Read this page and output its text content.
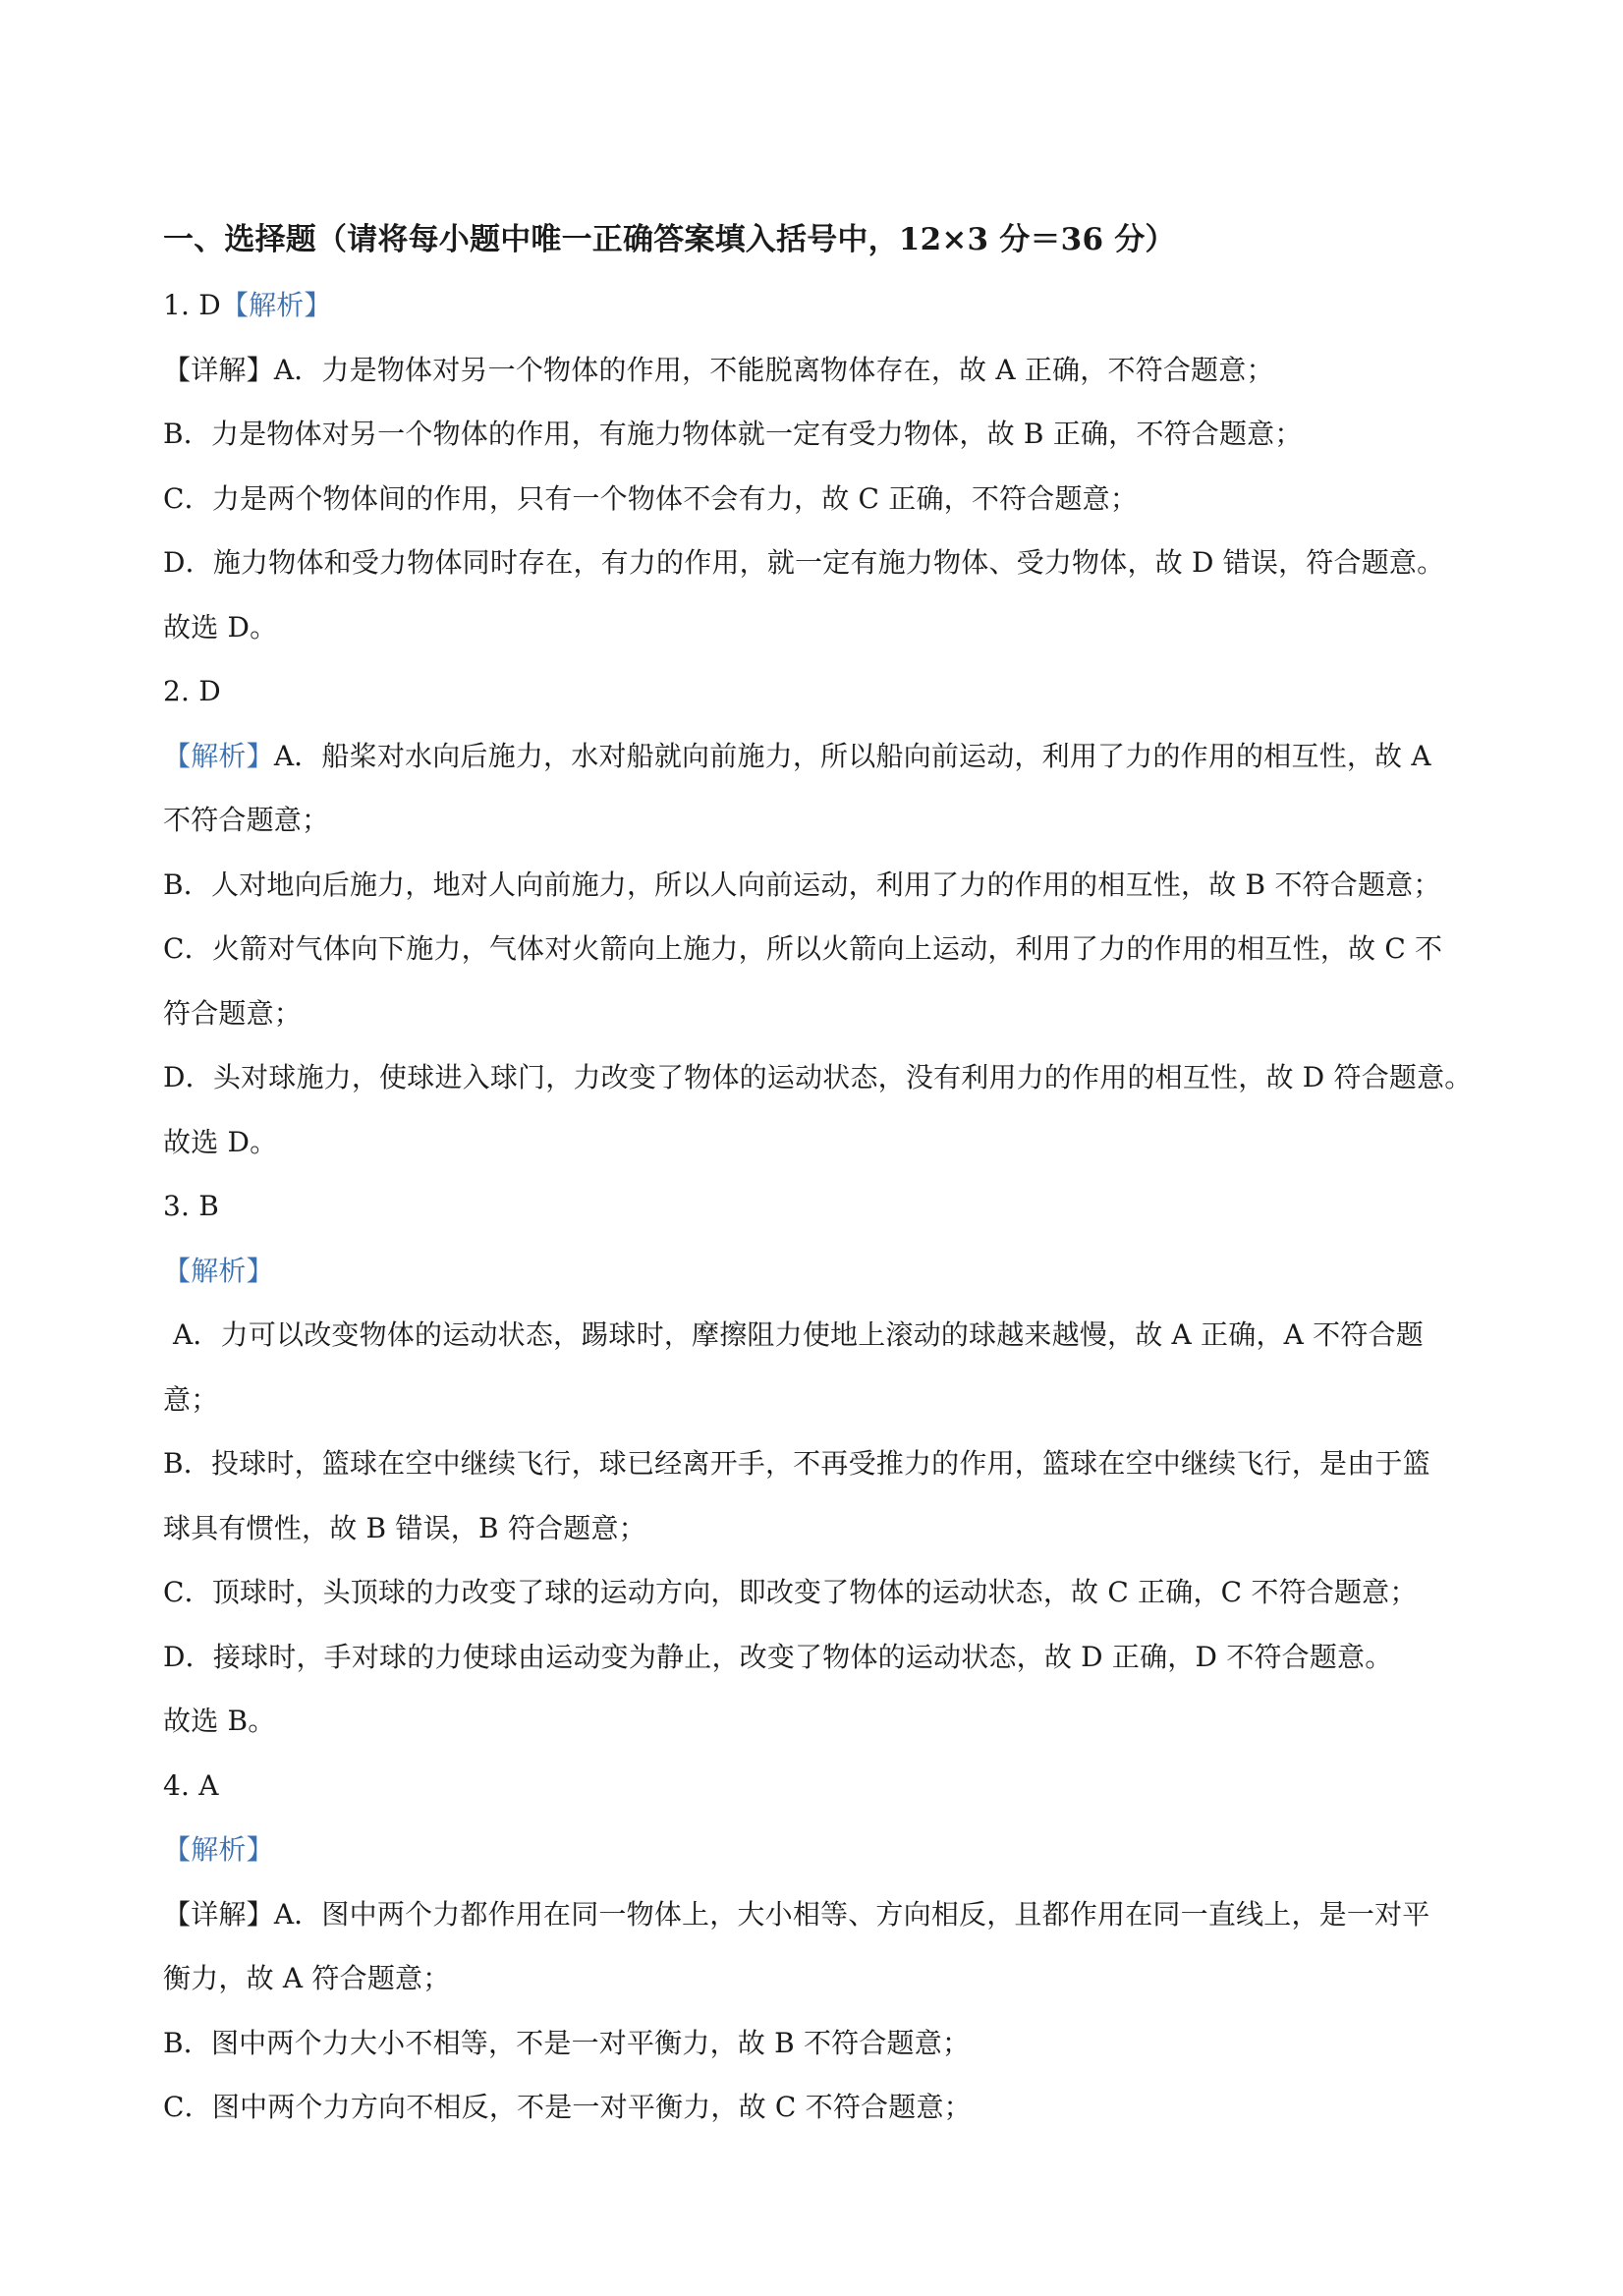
一、选择题（请将每小题中唯一正确答案填入括号中，12×3 分＝36 分）
1. D【解析】
【详解】A．力是物体对另一个物体的作用，不能脱离物体存在，故 A 正确，不符合题意；
B．力是物体对另一个物体的作用，有施力物体就一定有受力物体，故 B 正确，不符合题意；
C．力是两个物体间的作用，只有一个物体不会有力，故 C 正确，不符合题意；
D．施力物体和受力物体同时存在，有力的作用，就一定有施力物体、受力物体，故 D 错误，符合题意。
故选 D。
2. D
【解析】A．船桨对水向后施力，水对船就向前施力，所以船向前运动，利用了力的作用的相互性，故 A
不符合题意；
B．人对地向后施力，地对人向前施力，所以人向前运动，利用了力的作用的相互性，故 B 不符合题意；
C．火箭对气体向下施力，气体对火箭向上施力，所以火箭向上运动，利用了力的作用的相互性，故 C 不
符合题意；
D．头对球施力，使球进入球门，力改变了物体的运动状态，没有利用力的作用的相互性，故 D 符合题意。
故选 D。
3. B
【解析】
A．力可以改变物体的运动状态，踢球时，摩擦阻力使地上滚动的球越来越慢，故 A 正确，A 不符合题
意；
B．投球时，篮球在空中继续飞行，球已经离开手，不再受推力的作用，篮球在空中继续飞行，是由于篮
球具有惯性，故 B 错误，B 符合题意；
C．顶球时，头顶球的力改变了球的运动方向，即改变了物体的运动状态，故 C 正确，C 不符合题意；
D．接球时，手对球的力使球由运动变为静止，改变了物体的运动状态，故 D 正确，D 不符合题意。
故选 B。
4. A
【解析】
【详解】A．图中两个力都作用在同一物体上，大小相等、方向相反，且都作用在同一直线上，是一对平
衡力，故 A 符合题意；
B．图中两个力大小不相等，不是一对平衡力，故 B 不符合题意；
C．图中两个力方向不相反，不是一对平衡力，故 C 不符合题意；
